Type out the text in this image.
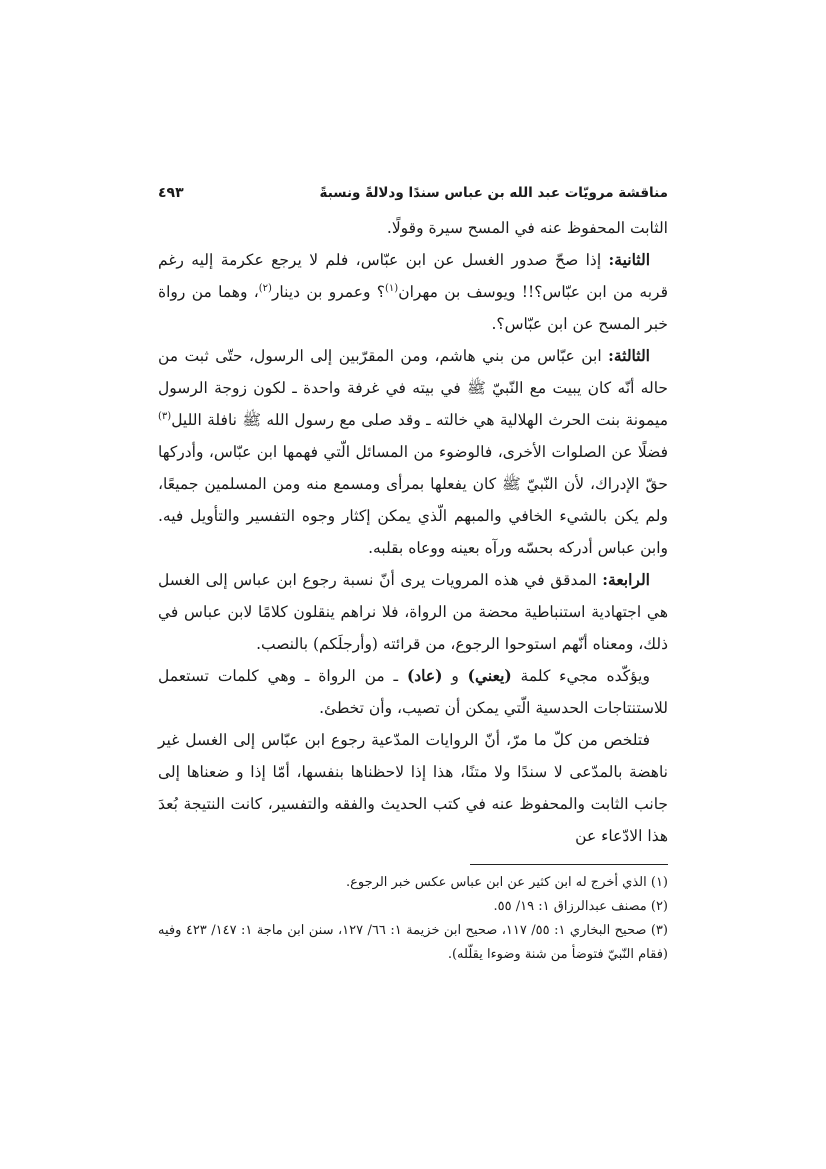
مناقشة مرويّات عبد الله بن عباس سندًا ودلالةً ونسبةً
٤٩٣

الثابت المحفوظ عنه في المسح سيرة وقولًا.

الثانية: إذا صحّ صدور الغسل عن ابن عبّاس، فلم لا يرجع عكرمة إليه رغم قربه من ابن عبّاس؟!! ويوسف بن مهران$^{(١)}$؟ وعمرو بن دينار$^{(٢)}$، وهما من رواة خبر المسح عن ابن عبّاس؟.

الثالثة: ابن عبّاس من بني هاشم، ومن المقرّبين إلى الرسول، حتّى ثبت من حاله أنّه كان يبيت مع النّبيّ ﷺ في بيته في غرفة واحدة ـ لكون زوجة الرسول ميمونة بنت الحرث الهلالية هي خالته ـ وقد صلى مع رسول الله ﷺ نافلة الليل$^{(٣)}$ فضلًا عن الصلوات الأخرى، فالوضوء من المسائل الّتي فهمها ابن عبّاس، وأدركها حقّ الإدراك، لأن النّبيّ ﷺ كان يفعلها بمرأى ومسمع منه ومن المسلمين جميعًا، ولم يكن بالشيء الخافي والمبهم الّذي يمكن إكثار وجوه التفسير والتأويل فيه. وابن عباس أدركه بحسّه ورآه بعينه ووعاه بقلبه.

الرابعة: المدقق في هذه المرويات يرى أنّ نسبة رجوع ابن عباس إلى الغسل هي اجتهادية استنباطية محضة من الرواة، فلا نراهم ينقلون كلامًا لابن عباس في ذلك، ومعناه أنّهم استوحوا الرجوع، من قرائته (وأرجلَكم) بالنصب.

ويؤكّده مجيء كلمة (يعني) و (عاد) ـ من الرواة ـ وهي كلمات تستعمل للاستنتاجات الحدسية الّتي يمكن أن تصيب، وأن تخطئ.

فتلخص من كلّ ما مرّ، أنّ الروايات المدّعية رجوع ابن عبّاس إلى الغسل غير ناهضة بالمدّعى لا سندًا ولا متنًا، هذا إذا لاحظناها بنفسها، أمّا إذا و ضعناها إلى جانب الثابت والمحفوظ عنه في كتب الحديث والفقه والتفسير، كانت النتيجة بُعدَ هذا الادّعاء عن

(١) الذي أخرج له ابن كثير عن ابن عباس عكس خبر الرجوع.

(٢) مصنف عبدالرزاق ١: ١٩/ ٥٥.

(٣) صحيح البخاري ١: ٥٥/ ١١٧، صحيح ابن خزيمة ١: ٦٦/ ١٢٧، سنن ابن ماجة ١: ١٤٧/ ٤٢٣ وفيه (فقام النّبيّ فتوضأ من شنة وضوءا يقلّله).
